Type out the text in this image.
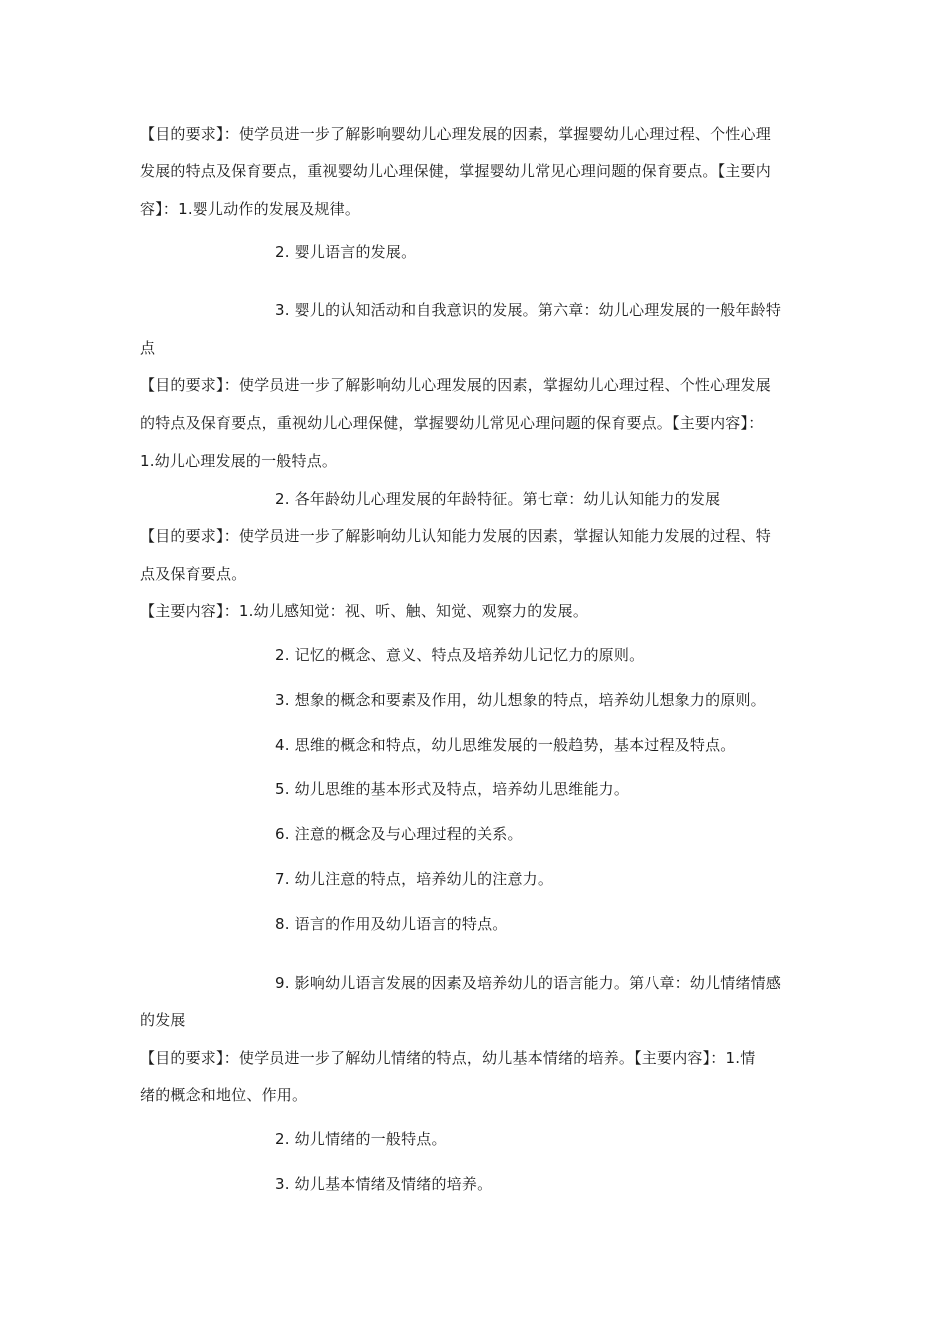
【目的要求】：使学员进一步了解影响婴幼儿心理发展的因素，掌握婴幼儿心理过程、个性心理
发展的特点及保育要点，重视婴幼儿心理保健，掌握婴幼儿常见心理问题的保育要点。【主要内
容】：1.婴儿动作的发展及规律。
2. 婴儿语言的发展。
3. 婴儿的认知活动和自我意识的发展。第六章：幼儿心理发展的一般年龄特
点
【目的要求】：使学员进一步了解影响幼儿心理发展的因素，掌握幼儿心理过程、个性心理发展
的特点及保育要点，重视幼儿心理保健，掌握婴幼儿常见心理问题的保育要点。【主要内容】：
1.幼儿心理发展的一般特点。
2. 各年龄幼儿心理发展的年龄特征。第七章：幼儿认知能力的发展
【目的要求】：使学员进一步了解影响幼儿认知能力发展的因素，掌握认知能力发展的过程、特
点及保育要点。
【主要内容】：1.幼儿感知觉：视、听、触、知觉、观察力的发展。
2. 记忆的概念、意义、特点及培养幼儿记忆力的原则。
3. 想象的概念和要素及作用，幼儿想象的特点，培养幼儿想象力的原则。
4. 思维的概念和特点，幼儿思维发展的一般趋势，基本过程及特点。
5. 幼儿思维的基本形式及特点，培养幼儿思维能力。
6. 注意的概念及与心理过程的关系。
7. 幼儿注意的特点，培养幼儿的注意力。
8. 语言的作用及幼儿语言的特点。
9. 影响幼儿语言发展的因素及培养幼儿的语言能力。第八章：幼儿情绪情感
的发展
【目的要求】：使学员进一步了解幼儿情绪的特点，幼儿基本情绪的培养。【主要内容】：1.情
绪的概念和地位、作用。
2. 幼儿情绪的一般特点。
3. 幼儿基本情绪及情绪的培养。
